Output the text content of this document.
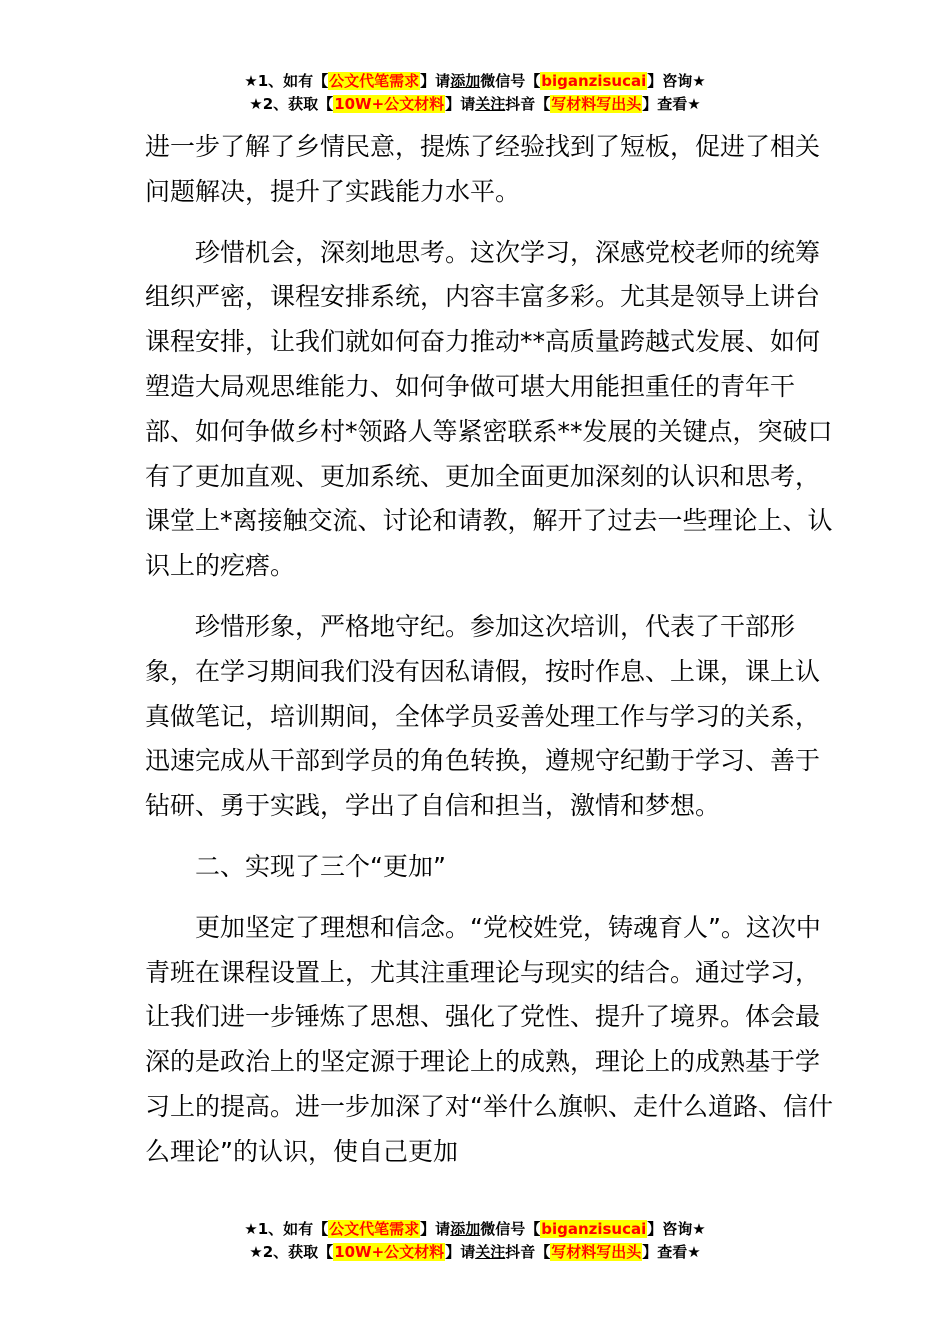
★1、如有【公文代笔需求】请添加微信号【biganzisucai】咨询★
★2、获取【10W+公文材料】请关注抖音【写材料写出头】查看★

进一步了解了乡情民意，提炼了经验找到了短板，促进了相关问题解决，提升了实践能力水平。

珍惜机会，深刻地思考。这次学习，深感党校老师的统筹组织严密，课程安排系统，内容丰富多彩。尤其是领导上讲台课程安排，让我们就如何奋力推动**高质量跨越式发展、如何塑造大局观思维能力、如何争做可堪大用能担重任的青年干部、如何争做乡村*领路人等紧密联系**发展的关键点，突破口有了更加直观、更加系统、更加全面更加深刻的认识和思考，课堂上*离接触交流、讨论和请教，解开了过去一些理论上、认识上的疙瘩。

珍惜形象，严格地守纪。参加这次培训，代表了干部形象，在学习期间我们没有因私请假，按时作息、上课，课上认真做笔记，培训期间，全体学员妥善处理工作与学习的关系，迅速完成从干部到学员的角色转换，遵规守纪勤于学习、善于钻研、勇于实践，学出了自信和担当，激情和梦想。

二、实现了三个“更加”

更加坚定了理想和信念。“党校姓党，铸魂育人”。这次中青班在课程设置上，尤其注重理论与现实的结合。通过学习，让我们进一步锤炼了思想、强化了党性、提升了境界。体会最深的是政治上的坚定源于理论上的成熟，理论上的成熟基于学习上的提高。进一步加深了对“举什么旗帜、走什么道路、信什么理论”的认识，使自己更加

★1、如有【公文代笔需求】请添加微信号【biganzisucai】咨询★
★2、获取【10W+公文材料】请关注抖音【写材料写出头】查看★
